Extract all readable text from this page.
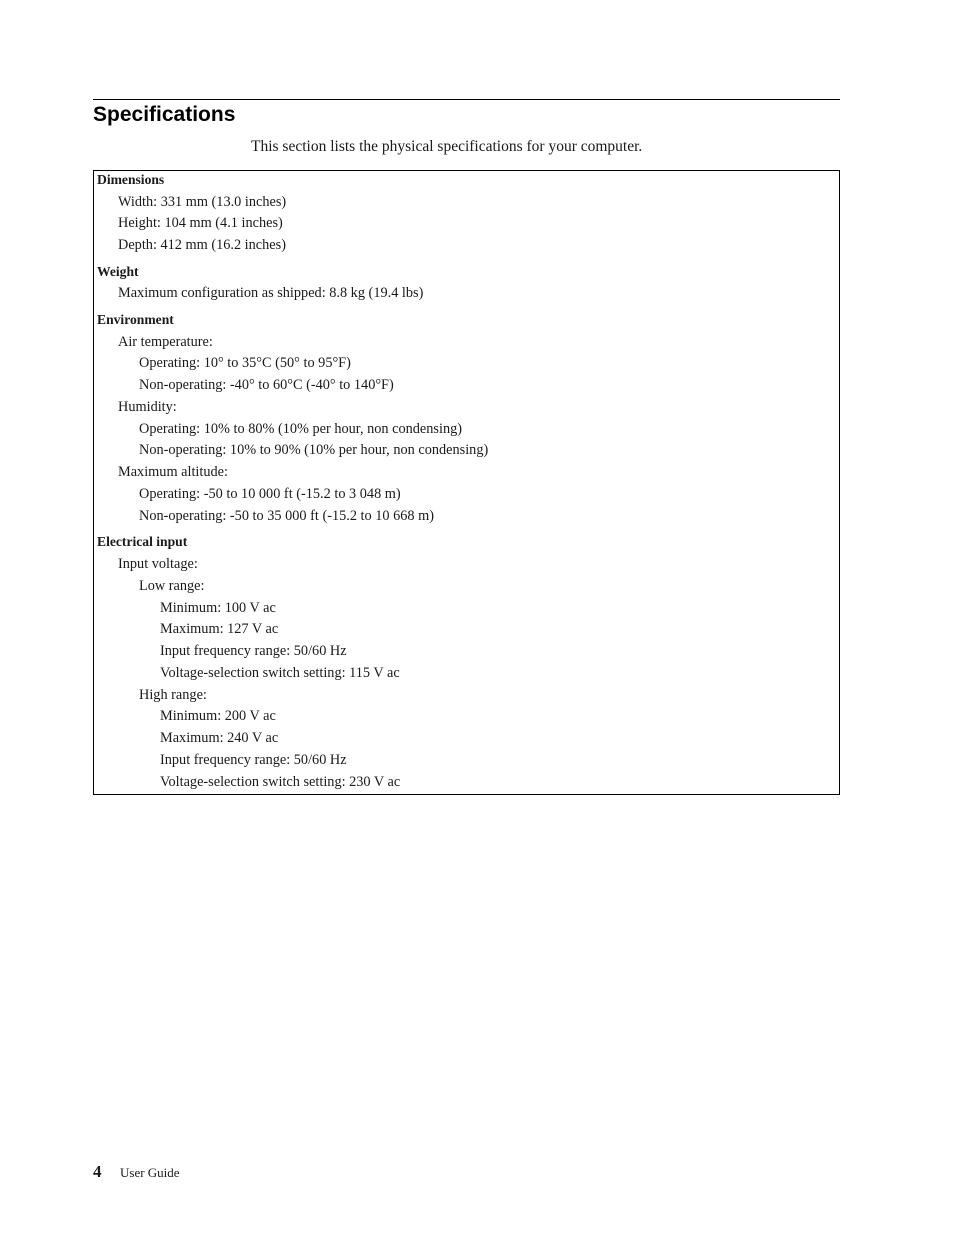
Specifications
This section lists the physical specifications for your computer.
Dimensions
Width: 331 mm (13.0 inches)
Height: 104 mm (4.1 inches)
Depth: 412 mm (16.2 inches)
Weight
Maximum configuration as shipped: 8.8 kg (19.4 lbs)
Environment
Air temperature:
Operating: 10° to 35°C (50° to 95°F)
Non-operating: -40° to 60°C (-40° to 140°F)
Humidity:
Operating: 10% to 80% (10% per hour, non condensing)
Non-operating: 10% to 90% (10% per hour, non condensing)
Maximum altitude:
Operating: -50 to 10 000 ft (-15.2 to 3 048 m)
Non-operating: -50 to 35 000 ft (-15.2 to 10 668 m)
Electrical input
Input voltage:
Low range:
Minimum: 100 V ac
Maximum: 127 V ac
Input frequency range: 50/60 Hz
Voltage-selection switch setting: 115 V ac
High range:
Minimum: 200 V ac
Maximum: 240 V ac
Input frequency range: 50/60 Hz
Voltage-selection switch setting: 230 V ac
4 User Guide
